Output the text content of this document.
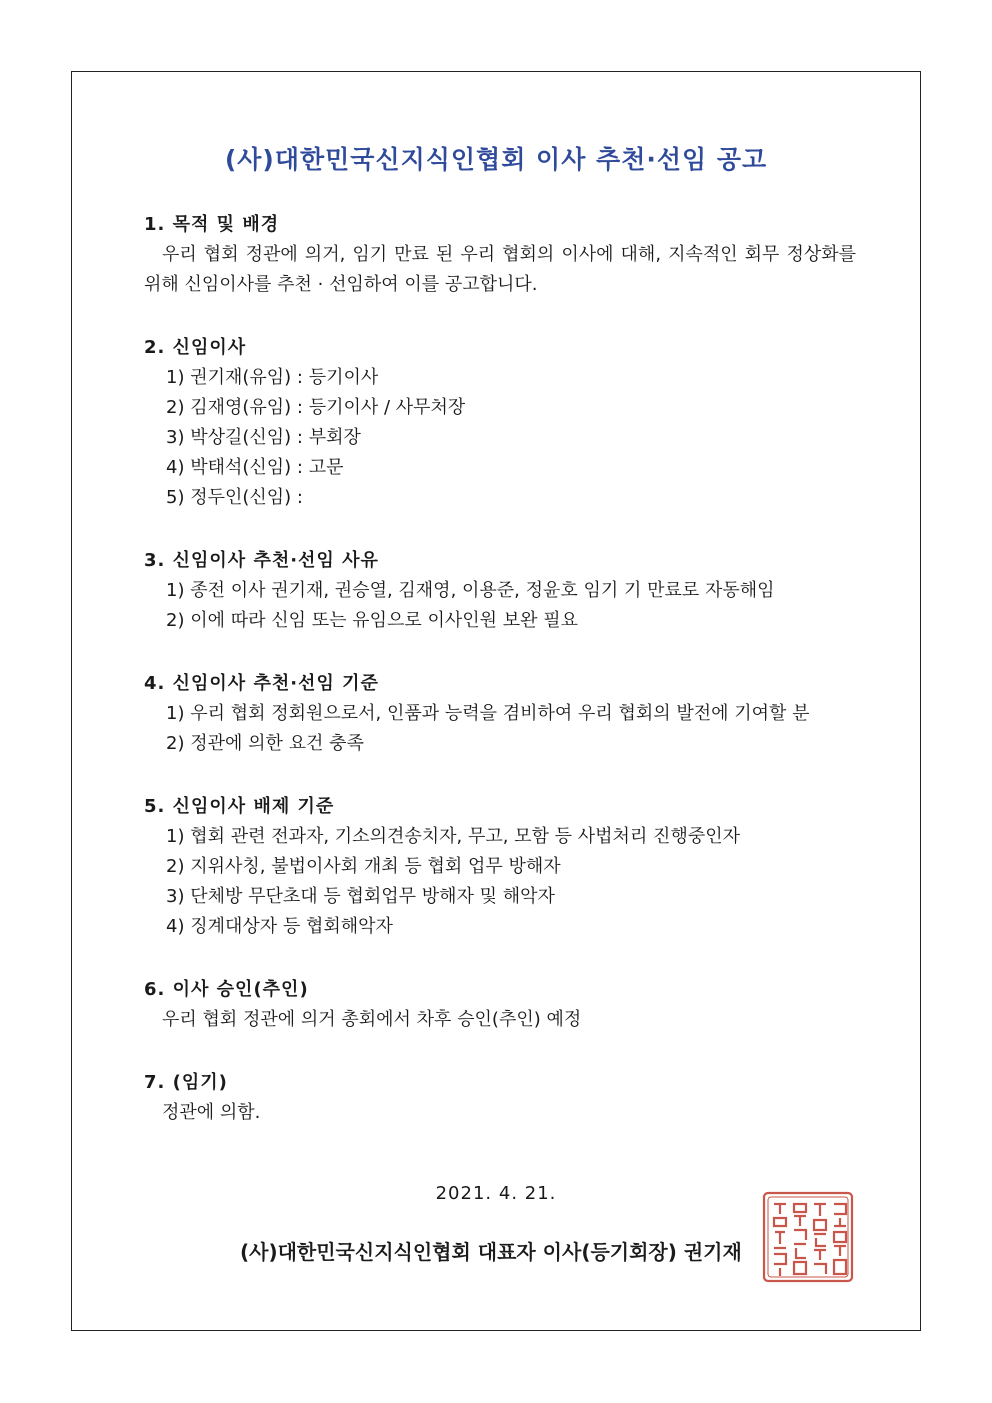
(사)대한민국신지식인협회 이사 추천·선임 공고
1. 목적 및 배경
우리 협회 정관에 의거, 임기 만료 된 우리 협회의 이사에 대해, 지속적인 회무 정상화를 위해 신임이사를 추천 · 선임하여 이를 공고합니다.
2. 신임이사
1) 권기재(유임) : 등기이사
2) 김재영(유임) : 등기이사 / 사무처장
3) 박상길(신임) : 부회장
4) 박태석(신임) : 고문
5) 정두인(신임) :
3. 신임이사 추천·선임 사유
1) 종전 이사 권기재, 권승열, 김재영, 이용준, 정윤호 임기 기 만료로 자동해임
2) 이에 따라 신임 또는 유임으로 이사인원 보완 필요
4. 신임이사 추천·선임 기준
1) 우리 협회 정회원으로서, 인품과 능력을 겸비하여 우리 협회의 발전에 기여할 분
2) 정관에 의한 요건 충족
5. 신임이사 배제 기준
1) 협회 관련 전과자, 기소의견송치자, 무고, 모함 등 사법처리 진행중인자
2) 지위사칭, 불법이사회 개최 등 협회 업무 방해자
3) 단체방 무단초대 등 협회업무 방해자 및 해악자
4) 징계대상자 등 협회해악자
6. 이사 승인(추인)
우리 협회 정관에 의거 총회에서 차후 승인(추인) 예정
7. (임기)
정관에 의함.
2021. 4. 21.
(사)대한민국신지식인협회 대표자 이사(등기회장) 권기재
